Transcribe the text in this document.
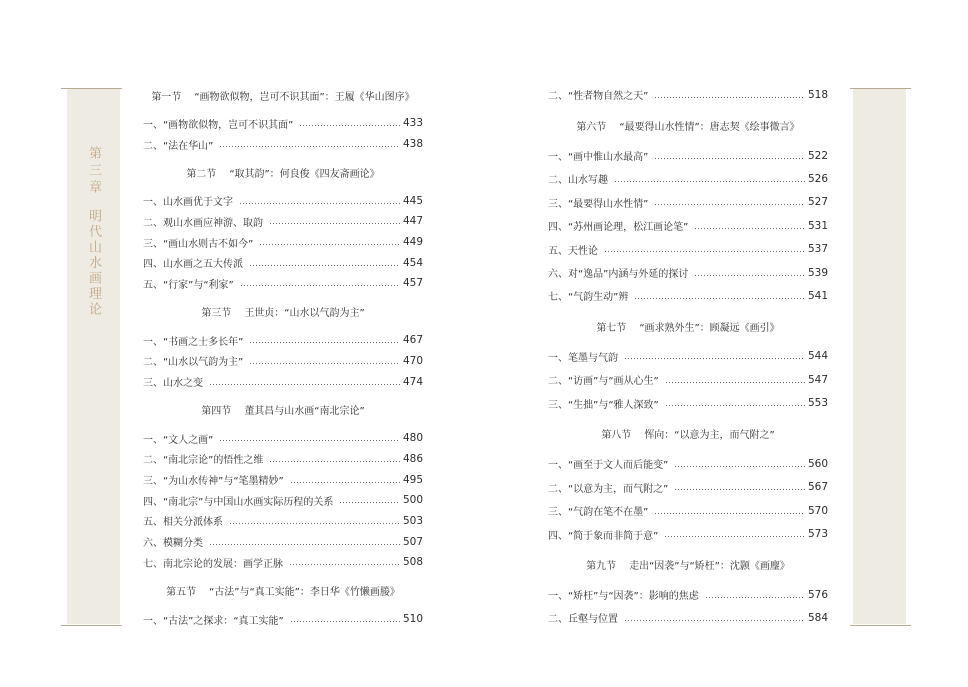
第三章
明代山水画理论
第一节 “画物欲似物，岂可不识其面”：王履《华山图序》
一、“画物欲似物，岂可不识其面”	433
二、“法在华山”	438
第二节 “取其韵”：何良俊《四友斋画论》
一、山水画优于文字	445
二、观山水画应神游、取韵	447
三、“画山水则古不如今”	449
四、山水画之五大传派	454
五、“行家”与“利家”	457
第三节 王世贞：“山水以气韵为主”
一、“书画之士多长年”	467
二、“山水以气韵为主”	470
三、山水之变	474
第四节 董其昌与山水画“南北宗论”
一、“文人之画”	480
二、“南北宗论”的悟性之维	486
三、“为山水传神”与“笔墨精妙”	495
四、“南北宗”与中国山水画实际历程的关系	500
五、相关分派体系	503
六、模糊分类	507
七、南北宗论的发展：画学正脉	508
第五节 “古法”与“真工实能”：李日华《竹懒画媵》
一、“古法”之探求：“真工实能”	510
二、“性者物自然之天”	518
第六节 “最要得山水性情”：唐志契《绘事微言》
一、“画中惟山水最高”	522
二、山水写趣	526
三、“最要得山水性情”	527
四、“苏州画论理，松江画论笔”	531
五、天性论	537
六、对“逸品”内涵与外延的探讨	539
七、“气韵生动”辨	541
第七节 “画求熟外生”：顾凝远《画引》
一、笔墨与气韵	544
二、“访画”与“画从心生”	547
三、“生拙”与“雅人深致”	553
第八节 恽向：“以意为主，而气附之”
一、“画至于文人而后能变”	560
二、“以意为主，而气附之”	567
三、“气韵在笔不在墨”	570
四、“简于象而非简于意”	573
第九节 走出“因袭”与“矫枉”：沈颢《画麈》
一、“矫枉”与“因袭”：影响的焦虑	576
二、丘壑与位置	584
